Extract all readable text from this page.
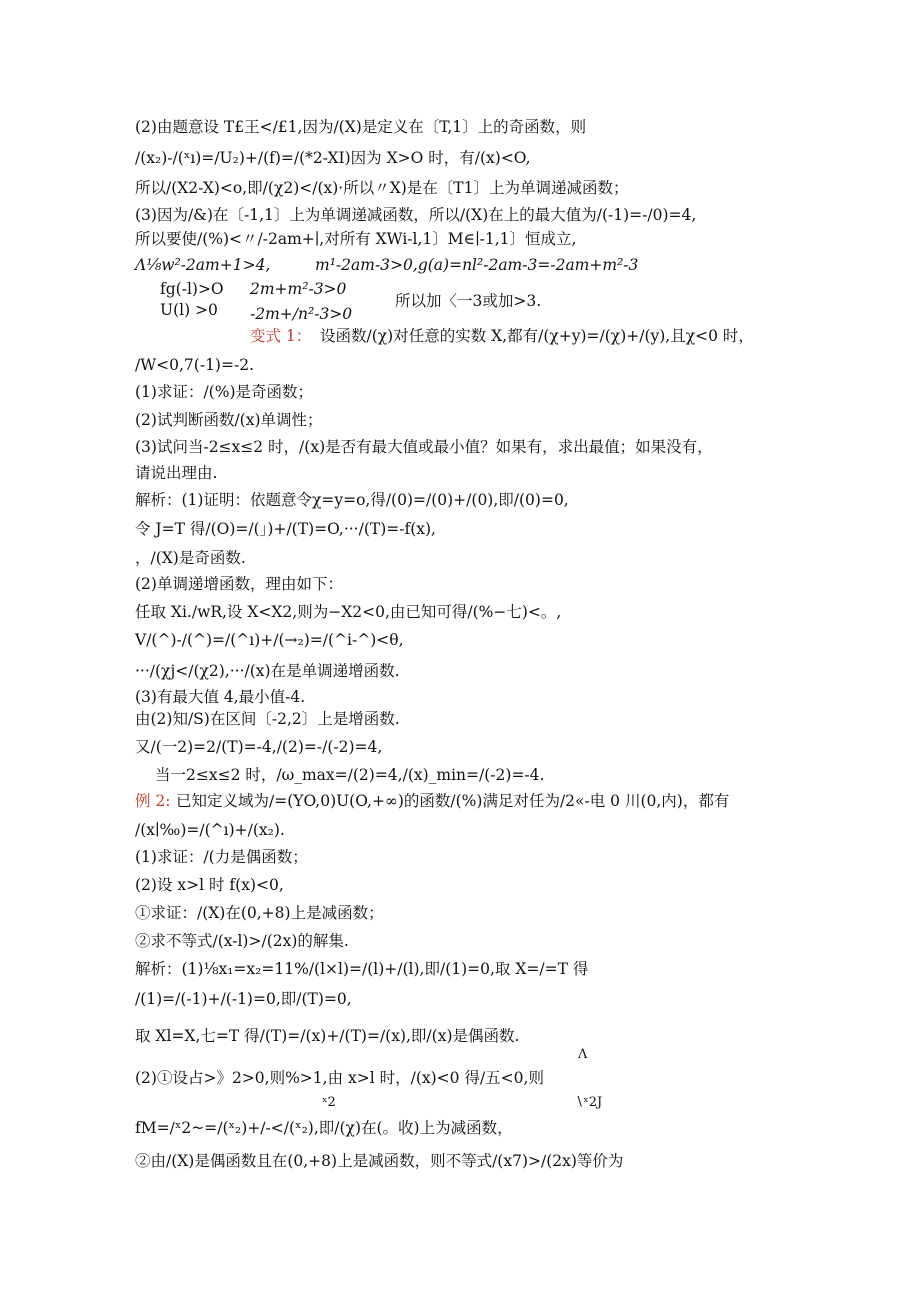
(2)由题意设 T£王</£1,因为/(X)是定义在〔T,1〕上的奇函数，则
/(x₂)-/(ˣı)=/U₂)+/(f)=/(*2-XI)因为 X>O 时，有/(x)<O,
所以/(X2-X)<o,即/(χ2)</(x)·所以〃X)是在〔T1〕上为单调递减函数；
(3)因为/&)在〔-1,1〕上为单调递减函数，所以/(X)在上的最大值为/(-1)=-/0)=4,
所以要使/(%)<〃/-2am+∣,对所有 XWi-l,1〕M∈∣-1,1〕恒成立,
Λ⅛w²-2am+1>4,	m¹-2am-3>0,g(a)=nl²-2am-3=-2am+m²-3
fg(-l)>O 2m+m²-3>0
U(l) >0 -2m+∕n²-3>0
所以加〈一3或加>3.
变式 1： 设函数/(χ)对任意的实数 X,都有/(χ+y)=∕(χ)+∕(y),且χ<0 时，
∕W<0,7(-1)=-2.
(1)求证：/(%)是奇函数；
(2)试判断函数/(x)单调性；
(3)试问当-2≤x≤2 时，/(x)是否有最大值或最小值？如果有，求出最值；如果没有，
请说出理由.
解析：(1)证明：依题意令χ=y=o,得/(0)=/(0)+/(0),即/(0)=0,
令 J=T 得/(O)=/(」)+/(T)=O,···/(T)=-f(x),
，/(X)是奇函数.
(2)单调递增函数，理由如下：
任取 Xi./wR,设 X<X2,则为−X2<0,由已知可得/(%−七)<。,
V/(^)-∕(^)=∕(^ı)+∕(→₂)=∕(^i-^)<θ,
···∕(χj<∕(χ2),···/(x)在是单调递增函数.
(3)有最大值 4,最小值-4.
由(2)知/S)在区间〔-2,2〕上是增函数.
又/(一2)=2/(T)=-4,/(2)=-/(-2)=4,
当一2≤x≤2 时，/ω_max=∕(2)=4,/(x)_min=/(-2)=-4.
例 2: 已知定义域为∕=(YO,0)U(O,+∞)的函数/(%)满足对任为/2«-电 0 川(0,内)，都有
/(x∣‰)=∕(^ı)+∕(x₂).
(1)求证：/(力是偶函数；
(2)设 x>l 时 f(x)<0,
①求证：/(X)在(0,+8)上是减函数；
②求不等式∕(x-l)>∕(2x)的解集.
解析：(1)⅛x₁=x₂=11%/(l×l)=∕(l)+∕(l),即/(1)=0,取 X=/=T 得
/(1)=/(-1)+/(-1)=0,即/(T)=0,
取 Xl=X,七=T 得/(T)=/(x)+∕(T)=∕(x),即/(x)是偶函数.
Λ
(2)①设占>》2>0,则%>1,由 x>l 时，/(x)<0 得/五<0,则
ˣ2	∖ˣ2J
fM=∕ˣ2~=∕(ˣ₂)+∕-</(ˣ₂),即/(χ)在(。收)上为减函数，
②由/(X)是偶函数且在(0,+8)上是减函数，则不等式/(x7)>∕(2x)等价为
